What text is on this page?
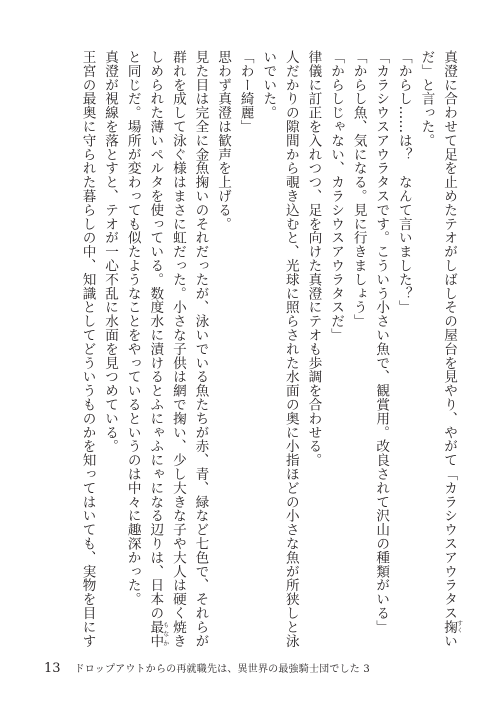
真澄に合わせて足を止めたテオがしばしその屋台を見やり、やがて「カラシウスアウラタス掬すくいだ」と言った。

「からし……は？　なんて言いました？」

「カラシウスアウラタスです。こういう小さい魚で、観賞用。改良されて沢山の種類がいる」

「からし魚、気になる。見に行きましょう」

「からしじゃない、カラシウスアウラタスだ」

律儀に訂正を入れつつ、足を向けた真澄にテオも歩調を合わせる。

人だかりの隙間から覗き込むと、光球に照らされた水面の奥に小指ほどの小さな魚が所狭しと泳いでいた。

「わー綺麗」

思わず真澄は歓声を上げる。

見た目は完全に金魚掬いのそれだったが、泳いでいる魚たちが赤、青、緑など七色で、それらが群れを成して泳ぐ様はまさに虹だった。小さな子供は網で掬い、少し大きな子や大人は硬く焼きしめられた薄いペルタを使っている。数度水に漬けるとふにゃふにゃになる辺りは、日本の最中もなかと同じだ。場所が変わっても似たようなことをやっているというのは中々に趣深かった。

真澄が視線を落とすと、テオが一心不乱に水面を見つめている。

王宮の最奥に守られた暮らしの中、知識としてどういうものかを知ってはいても、実物を目にす

13 ドロップアウトからの再就職先は、異世界の最強騎士団でした 3
